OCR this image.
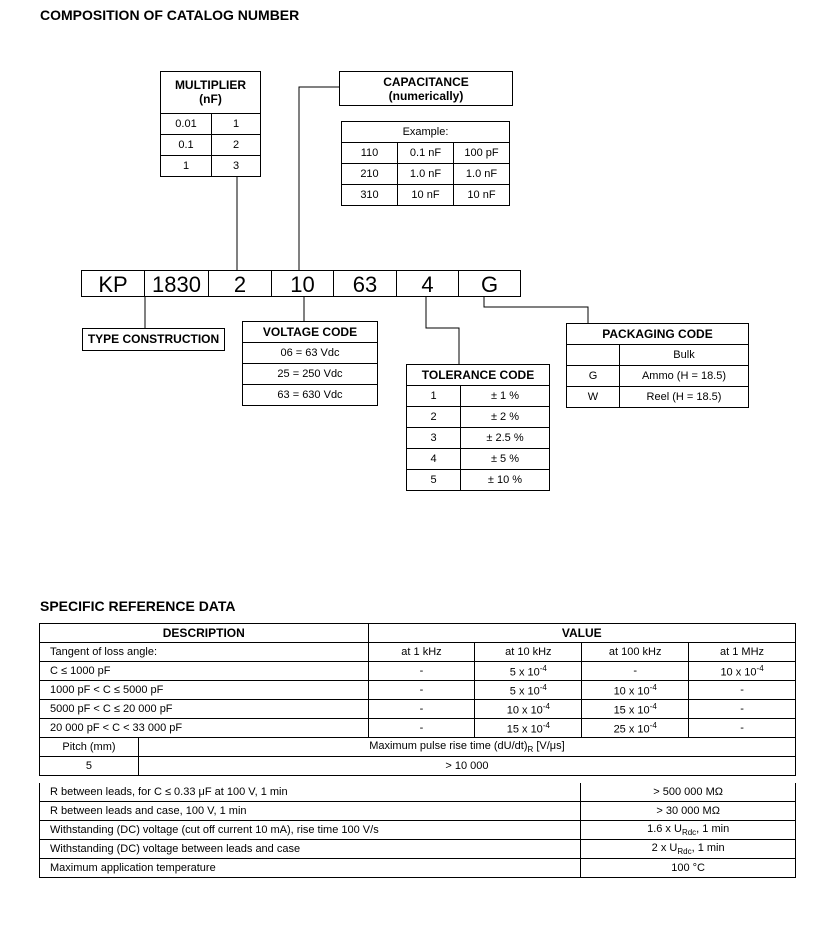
COMPOSITION OF CATALOG NUMBER
MULTIPLIER
(nF)
0.01	1
0.1	2
1	3
CAPACITANCE
(numerically)
Example:		
110	0.1 nF	100 pF
210	1.0 nF	1.0 nF
310	10 nF	10 nF
KP	1830	2	10	63	4	G
TYPE CONSTRUCTION	VOLTAGE CODE
06 = 63 Vdc
25 = 250 Vdc
63 = 630 Vdc
TOLERANCE CODE	
1	± 1 %
2	± 2 %
3	± 2.5 %
4	± 5 %
5	± 10 %
PACKAGING CODE	
	Bulk
G	Ammo (H = 18.5)
W	Reel (H = 18.5)
SPECIFIC REFERENCE DATA
DESCRIPTION		VALUE			
Tangent of loss angle:		at 1 kHz	at 10 kHz	at 100 kHz	at 1 MHz
C ≤ 1000 pF		-	5 x $10^{-4}$	-	10 x $10^{-4}$
1000 pF < C ≤ 5000 pF		-	5 x $10^{-4}$	10 x $10^{-4}$	-
5000 pF < C ≤ 20 000 pF		-	10 x $10^{-4}$	15 x $10^{-4}$	-
20 000 pF < C < 33 000 pF		-	15 x $10^{-4}$	25 x $10^{-4}$	-
Pitch (mm)	Maximum pulse rise time $(dU/dt)_R$ [V/μs]				
5	> 10 000				
R between leads, for C ≤ 0.33 μF at 100 V, 1 min	> 500 000 MΩ
R between leads and case, 100 V, 1 min	> 30 000 MΩ
Withstanding (DC) voltage (cut off current 10 mA), rise time 100 V/s	1.6 x $U_{Rdc}$, 1 min
Withstanding (DC) voltage between leads and case	2 x $U_{Rdc}$, 1 min
Maximum application temperature	100 °C
